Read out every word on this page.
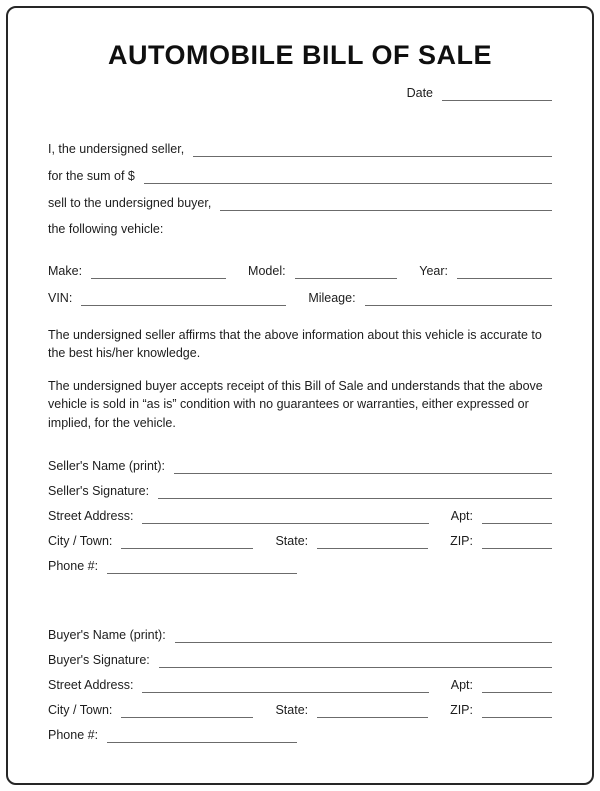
AUTOMOBILE BILL OF SALE
Date
I, the undersigned seller,
for the sum of $
sell to the undersigned buyer,
the following vehicle:
Make:	Model:	Year:
VIN:	Mileage:

The undersigned seller affirms that the above information about this vehicle is accurate to the best his/her knowledge.

The undersigned buyer accepts receipt of this Bill of Sale and understands that the above vehicle is sold in “as is” condition with no guarantees or warranties, either expressed or implied, for the vehicle.

Seller's Name (print):
Seller's Signature:
Street Address:	Apt:
City / Town:	State:	ZIP:
Phone #:
Buyer's Name (print):
Buyer's Signature:
Street Address:	Apt:
City / Town:	State:	ZIP:
Phone #:
